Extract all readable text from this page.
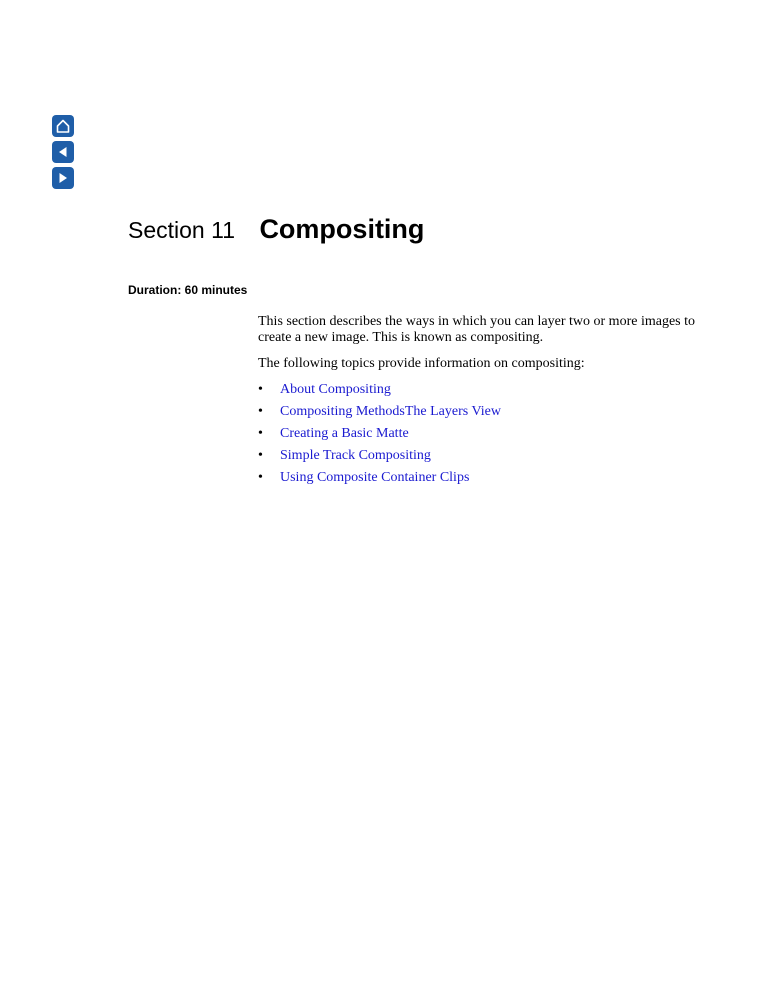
Section 11 Compositing
Duration: 60 minutes
This section describes the ways in which you can layer two or more images to create a new image. This is known as compositing.
The following topics provide information on compositing:
• About Compositing
• Compositing MethodsThe Layers View
• Creating a Basic Matte
• Simple Track Compositing
• Using Composite Container Clips
